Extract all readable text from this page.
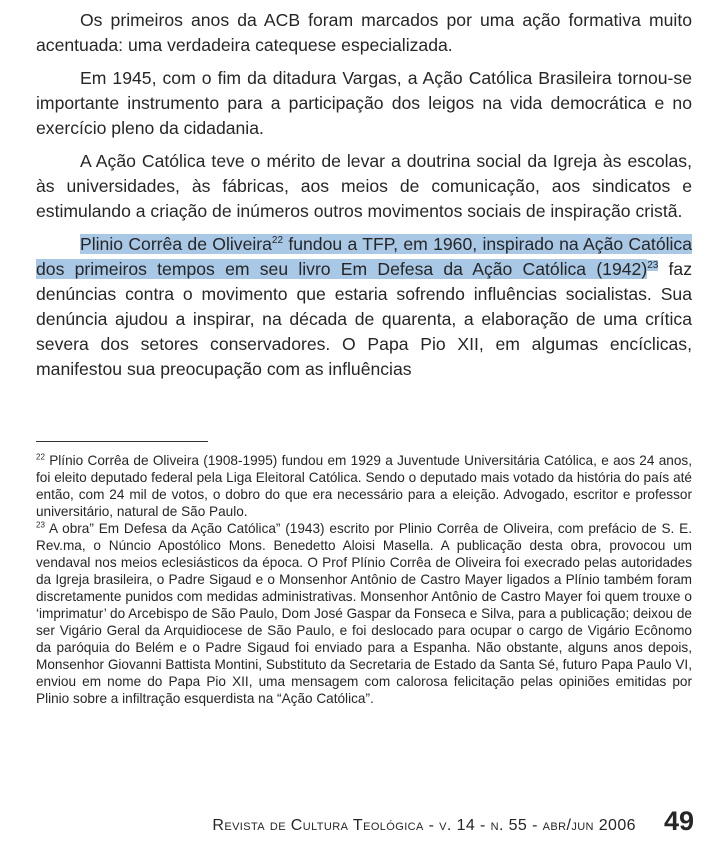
Os primeiros anos da ACB foram marcados por uma ação formativa muito acentuada: uma verdadeira catequese especializada.

Em 1945, com o fim da ditadura Vargas, a Ação Católica Brasileira tornou-se importante instrumento para a participação dos leigos na vida democrática e no exercício pleno da cidadania.

A Ação Católica teve o mérito de levar a doutrina social da Igreja às escolas, às universidades, às fábricas, aos meios de comunicação, aos sindicatos e estimulando a criação de inúmeros outros movimentos sociais de inspiração cristã.

Plinio Corrêa de Oliveira$^{22}$ fundou a TFP, em 1960, inspirado na Ação Católica dos primeiros tempos em seu livro Em Defesa da Ação Católica $(1942)^{23}$ faz denúncias contra o movimento que estaria sofrendo influências socialistas. Sua denúncia ajudou a inspirar, na década de quarenta, a elaboração de uma crítica severa dos setores conservadores. O Papa Pio XII, em algumas encíclicas, manifestou sua preocupação com as influências

$^{22}$ Plínio Corrêa de Oliveira (1908-1995) fundou em 1929 a Juventude Universitária Católica, e aos 24 anos, foi eleito deputado federal pela Liga Eleitoral Católica. Sendo o deputado mais votado da história do país até então, com 24 mil de votos, o dobro do que era necessário para a eleição. Advogado, escritor e professor universitário, natural de São Paulo.

$^{23}$ A obra” Em Defesa da Ação Católica” (1943) escrito por Plinio Corrêa de Oliveira, com prefácio de S. E. Rev.ma, o Núncio Apostólico Mons. Benedetto Aloisi Masella. A publicação desta obra, provocou um vendaval nos meios eclesiásticos da época. O Prof Plínio Corrêa de Oliveira foi execrado pelas autoridades da Igreja brasileira, o Padre Sigaud e o Monsenhor Antônio de Castro Mayer ligados a Plínio também foram discretamente punidos com medidas administrativas. Monsenhor Antônio de Castro Mayer foi quem trouxe o ‘imprimatur’ do Arcebispo de São Paulo, Dom José Gaspar da Fonseca e Silva, para a publicação; deixou de ser Vigário Geral da Arquidiocese de São Paulo, e foi deslocado para ocupar o cargo de Vigário Ecônomo da paróquia do Belém e o Padre Sigaud foi enviado para a Espanha. Não obstante, alguns anos depois, Monsenhor Giovanni Battista Montini, Substituto da Secretaria de Estado da Santa Sé, futuro Papa Paulo VI, enviou em nome do Papa Pio XII, uma mensagem com calorosa felicitação pelas opiniões emitidas por Plinio sobre a infiltração esquerdista na “Ação Católica”.

Revista de Cultura Teológica - v. 14 - n. 55 - abr/jun 2006 49
